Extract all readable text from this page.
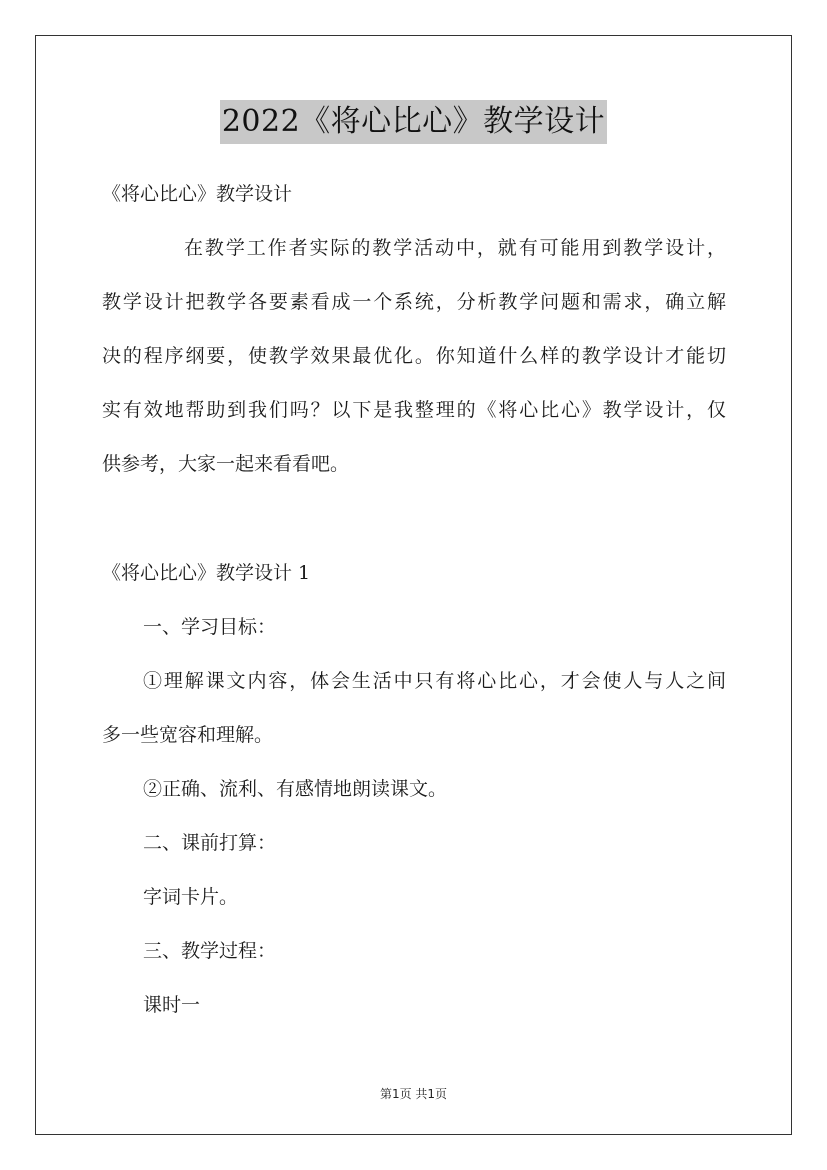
2022《将心比心》教学设计
《将心比心》教学设计
在教学工作者实际的教学活动中，就有可能用到教学设计，
教学设计把教学各要素看成一个系统，分析教学问题和需求，确立解
决的程序纲要，使教学效果最优化。你知道什么样的教学设计才能切
实有效地帮助到我们吗？以下是我整理的《将心比心》教学设计，仅
供参考，大家一起来看看吧。
《将心比心》教学设计 1
一、学习目标：
①理解课文内容，体会生活中只有将心比心，才会使人与人之间
多一些宽容和理解。
②正确、流利、有感情地朗读课文。
二、课前打算：
字词卡片。
三、教学过程：
课时一
第1页 共1页
